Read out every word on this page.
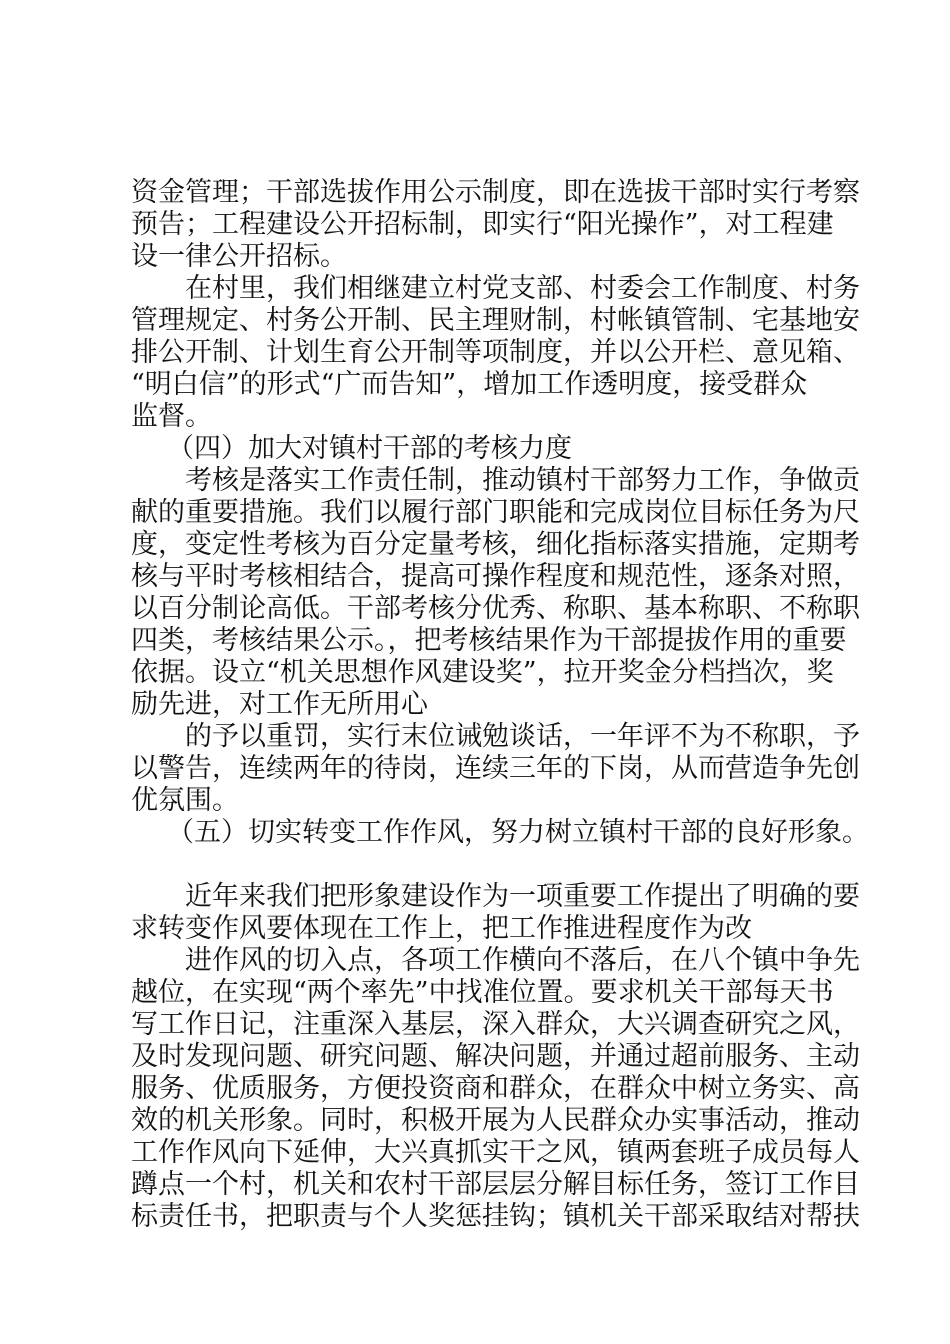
资金管理；干部选拔作用公示制度，即在选拔干部时实行考察
预告；工程建设公开招标制，即实行“阳光操作”，对工程建
设一律公开招标。
在村里，我们相继建立村党支部、村委会工作制度、村务
管理规定、村务公开制、民主理财制，村帐镇管制、宅基地安
排公开制、计划生育公开制等项制度，并以公开栏、意见箱、
“明白信”的形式“广而告知”，增加工作透明度，接受群众
监督。
（四）加大对镇村干部的考核力度
考核是落实工作责任制，推动镇村干部努力工作，争做贡
献的重要措施。我们以履行部门职能和完成岗位目标任务为尺
度，变定性考核为百分定量考核，细化指标落实措施，定期考
核与平时考核相结合，提高可操作程度和规范性，逐条对照，
以百分制论高低。干部考核分优秀、称职、基本称职、不称职
四类，考核结果公示。，把考核结果作为干部提拔作用的重要
依据。设立“机关思想作风建设奖”，拉开奖金分档挡次，奖
励先进，对工作无所用心
的予以重罚，实行末位诫勉谈话，一年评不为不称职，予
以警告，连续两年的待岗，连续三年的下岗，从而营造争先创
优氛围。
（五）切实转变工作作风，努力树立镇村干部的良好形象。
近年来我们把形象建设作为一项重要工作提出了明确的要
求转变作风要体现在工作上，把工作推进程度作为改
进作风的切入点，各项工作横向不落后，在八个镇中争先
越位，在实现“两个率先”中找准位置。要求机关干部每天书
写工作日记，注重深入基层，深入群众，大兴调查研究之风，
及时发现问题、研究问题、解决问题，并通过超前服务、主动
服务、优质服务，方便投资商和群众，在群众中树立务实、高
效的机关形象。同时，积极开展为人民群众办实事活动，推动
工作作风向下延伸，大兴真抓实干之风，镇两套班子成员每人
蹲点一个村，机关和农村干部层层分解目标任务，签订工作目
标责任书，把职责与个人奖惩挂钩；镇机关干部采取结对帮扶
